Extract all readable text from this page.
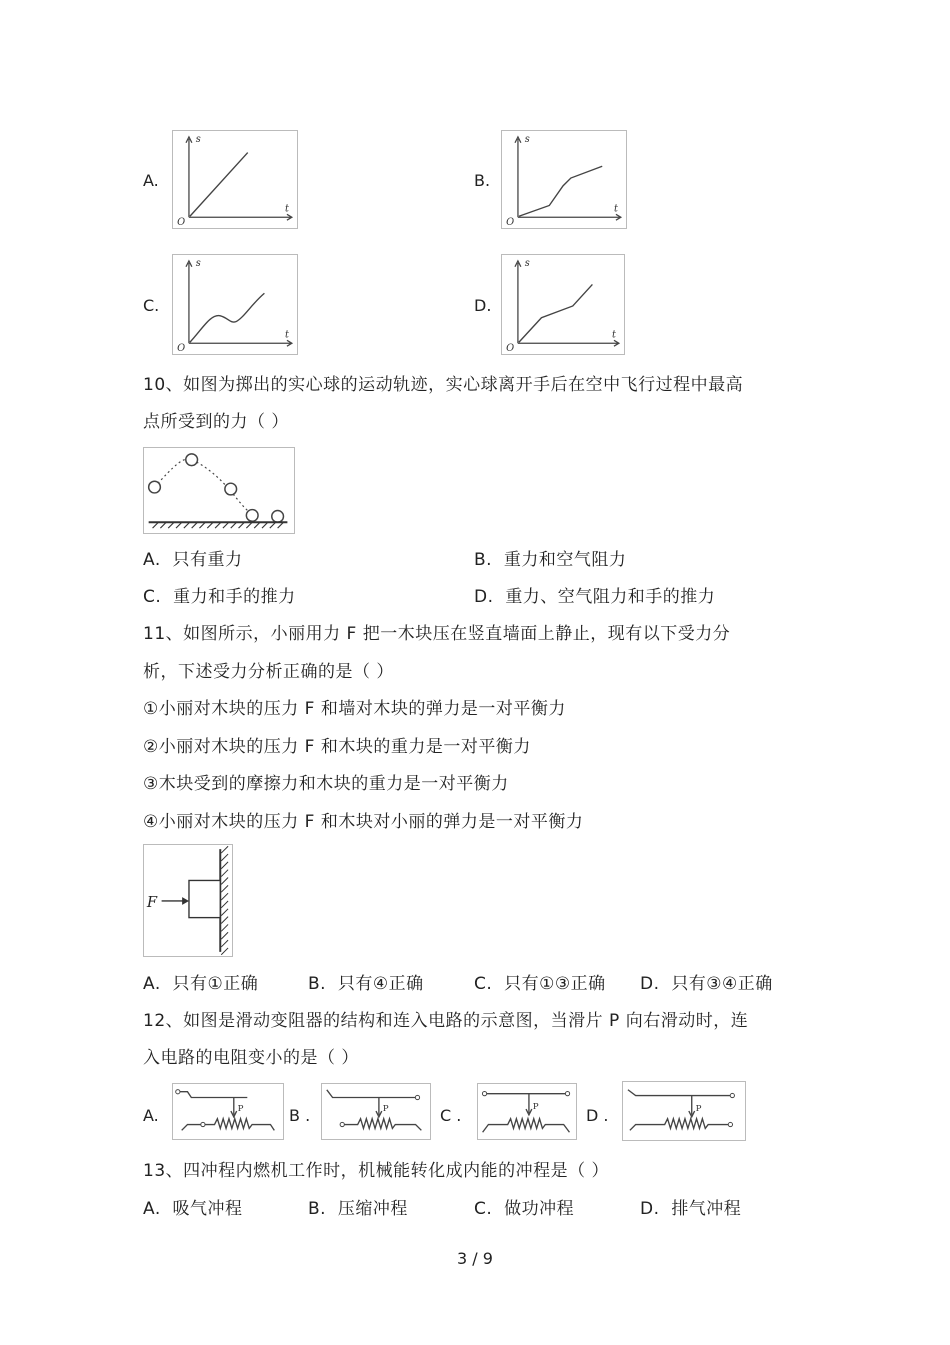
A.
s
t
O
B.
s
t
O
C.
s
t
O
D.
s
t
O
10、如图为掷出的实心球的运动轨迹，实心球离开手后在空中飞行过程中最高
点所受到的力（ ）
A. 只有重力	B. 重力和空气阻力
C. 重力和手的推力	D. 重力、空气阻力和手的推力
11、如图所示，小丽用力 F 把一木块压在竖直墙面上静止，现有以下受力分
析，下述受力分析正确的是（ ）
①小丽对木块的压力 F 和墙对木块的弹力是一对平衡力
②小丽对木块的压力 F 和木块的重力是一对平衡力
③木块受到的摩擦力和木块的重力是一对平衡力
④小丽对木块的压力 F 和木块对小丽的弹力是一对平衡力
F
A. 只有①正确	B. 只有④正确	C. 只有①③正确 D. 只有③④正确
12、如图是滑动变阻器的结构和连入电路的示意图，当滑片 P 向右滑动时，连
入电路的电阻变小的是（ ）
A.	P	B .	P	C .	P	D .	P
13、四冲程内燃机工作时，机械能转化成内能的冲程是（ ）
A. 吸气冲程	B. 压缩冲程	C. 做功冲程	D. 排气冲程
3 / 9
